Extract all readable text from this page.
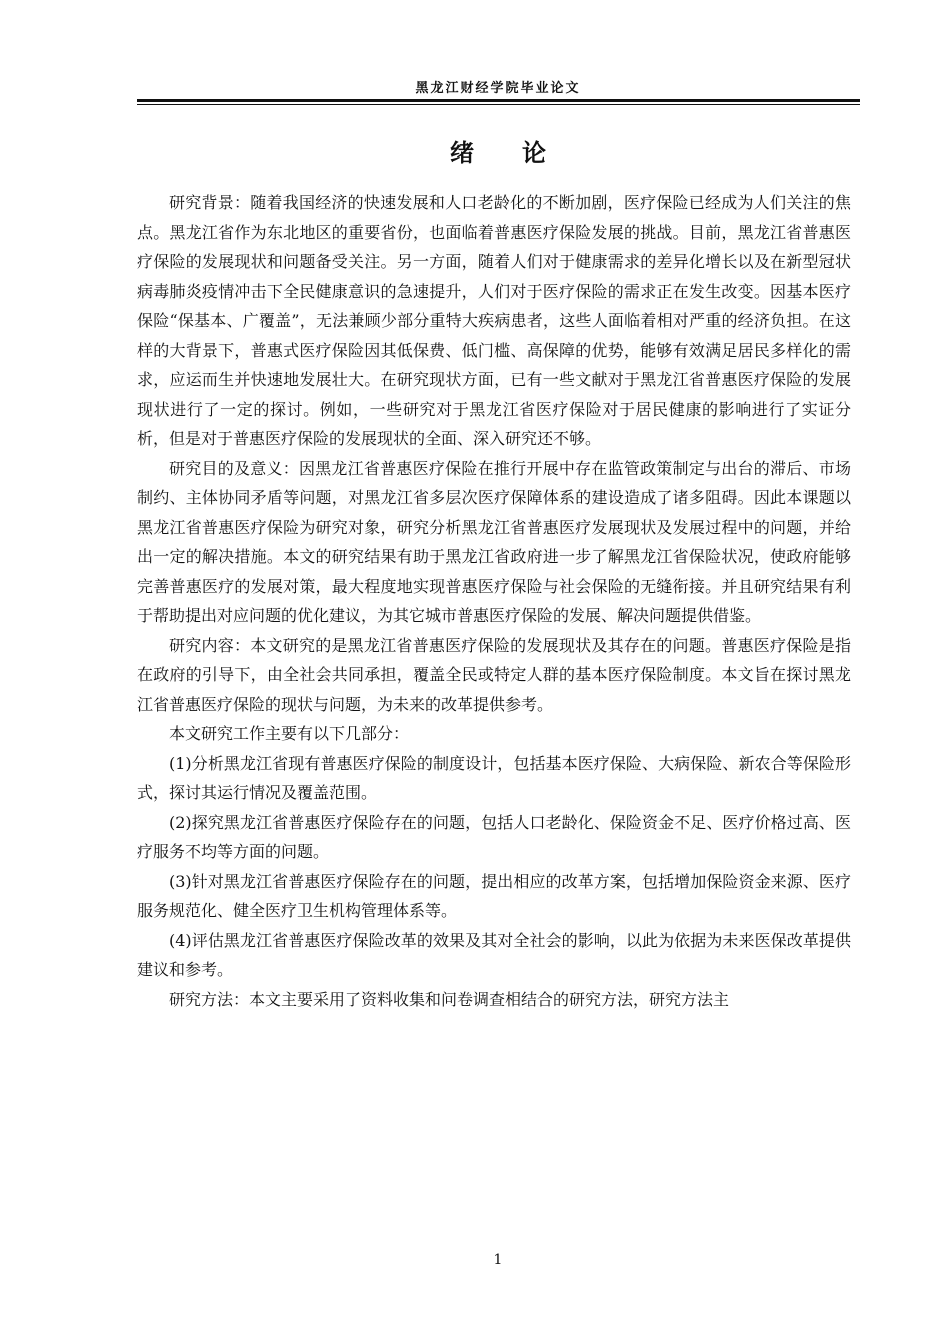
黑龙江财经学院毕业论文
绪论

研究背景：随着我国经济的快速发展和人口老龄化的不断加剧，医疗保险已经成为人们关注的焦点。黑龙江省作为东北地区的重要省份，也面临着普惠医疗保险发展的挑战。目前，黑龙江省普惠医疗保险的发展现状和问题备受关注。另一方面，随着人们对于健康需求的差异化增长以及在新型冠状病毒肺炎疫情冲击下全民健康意识的急速提升，人们对于医疗保险的需求正在发生改变。因基本医疗保险“保基本、广覆盖”，无法兼顾少部分重特大疾病患者，这些人面临着相对严重的经济负担。在这样的大背景下，普惠式医疗保险因其低保费、低门槛、高保障的优势，能够有效满足居民多样化的需求，应运而生并快速地发展壮大。在研究现状方面，已有一些文献对于黑龙江省普惠医疗保险的发展现状进行了一定的探讨。例如，一些研究对于黑龙江省医疗保险对于居民健康的影响进行了实证分析，但是对于普惠医疗保险的发展现状的全面、深入研究还不够。

研究目的及意义：因黑龙江省普惠医疗保险在推行开展中存在监管政策制定与出台的滞后、市场制约、主体协同矛盾等问题，对黑龙江省多层次医疗保障体系的建设造成了诸多阻碍。因此本课题以黑龙江省普惠医疗保险为研究对象，研究分析黑龙江省普惠医疗发展现状及发展过程中的问题，并给出一定的解决措施。本文的研究结果有助于黑龙江省政府进一步了解黑龙江省保险状况，使政府能够完善普惠医疗的发展对策，最大程度地实现普惠医疗保险与社会保险的无缝衔接。并且研究结果有利于帮助提出对应问题的优化建议，为其它城市普惠医疗保险的发展、解决问题提供借鉴。

研究内容：本文研究的是黑龙江省普惠医疗保险的发展现状及其存在的问题。普惠医疗保险是指在政府的引导下，由全社会共同承担，覆盖全民或特定人群的基本医疗保险制度。本文旨在探讨黑龙江省普惠医疗保险的现状与问题，为未来的改革提供参考。

本文研究工作主要有以下几部分：

(1)分析黑龙江省现有普惠医疗保险的制度设计，包括基本医疗保险、大病保险、新农合等保险形式，探讨其运行情况及覆盖范围。

(2)探究黑龙江省普惠医疗保险存在的问题，包括人口老龄化、保险资金不足、医疗价格过高、医疗服务不均等方面的问题。

(3)针对黑龙江省普惠医疗保险存在的问题，提出相应的改革方案，包括增加保险资金来源、医疗服务规范化、健全医疗卫生机构管理体系等。

(4)评估黑龙江省普惠医疗保险改革的效果及其对全社会的影响，以此为依据为未来医保改革提供建议和参考。

研究方法：本文主要采用了资料收集和问卷调查相结合的研究方法，研究方法主

1
